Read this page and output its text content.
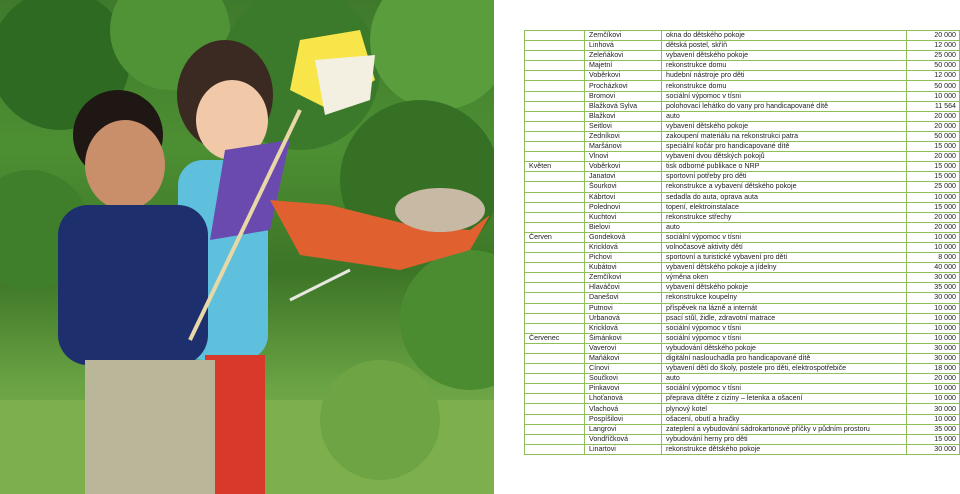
	Zemčíkovi	okna do dětského pokoje	20 000
	Linhová	dětská postel, skříň	12 000
	Zeleňákovi	vybavení dětského pokoje	25 000
	Majetní	rekonstrukce domu	50 000
	Voběrkovi	hudební nástroje pro děti	12 000
	Procházkovi	rekonstrukce domu	50 000
	Bromovi	sociální výpomoc v tísni	10 000
	Blažková Sylva	polohovací lehátko do vany pro handicapované dítě	11 564
	Blažkovi	auto	20 000
	Seitlovi	vybavení dětského pokoje	20 000
	Zedníkovi	zakoupení materiálu na rekonstrukci patra	50 000
	Maršánovi	speciální kočár pro handicapované dítě	15 000
	Vlnovi	vybavení dvou dětských pokojů	20 000
Květen	Voběrkovi	tisk odborné publikace o NRP	15 000
	Janatovi	sportovní potřeby pro děti	15 000
	Šourkovi	rekonstrukce a vybavení dětského pokoje	25 000
	Kábrtovi	sedadla do auta, oprava auta	10 000
	Polednovi	topení, elektroinstalace	15 000
	Kuchtovi	rekonstrukce střechy	20 000
	Bielovi	auto	20 000
Červen	Gondeková	sociální výpomoc v tísni	10 000
	Kricklová	volnočasové aktivity dětí	10 000
	Pichovi	sportovní a turistické vybavení pro děti	8 000
	Kubátovi	vybavení dětského pokoje a jídelny	40 000
	Zemčíkovi	výměna oken	30 000
	Hlaváčovi	vybavení dětského pokoje	35 000
	Danešovi	rekonstrukce koupelny	30 000
	Putnovi	příspěvek na lázně a internát	10 000
	Urbanová	psací stůl, židle, zdravotní matrace	10 000
	Kricklová	sociální výpomoc v tísni	10 000
Červenec	Šimánkovi	sociální výpomoc v tísni	10 000
	Vaverovi	vybudování dětského pokoje	30 000
	Maňákovi	digitální naslouchadla pro handicapované dítě	30 000
	Cínovi	vybavení dětí do školy, postele pro děti, elektrospotřebiče	18 000
	Součkovi	auto	20 000
	Pinkavovi	sociální výpomoc v tísni	10 000
	Lhoťanová	přeprava dítěte z ciziny – letenka a ošacení	10 000
	Vlachová	plynový kotel	30 000
	Pospíšilovi	ošacení, obutí a hračky	10 000
	Langrovi	zateplení a vybudování sádrokartonové příčky v půdním prostoru	35 000
	Vondříčková	vybudování herny pro děti	15 000
	Linartovi	rekonstrukce dětského pokoje	30 000
